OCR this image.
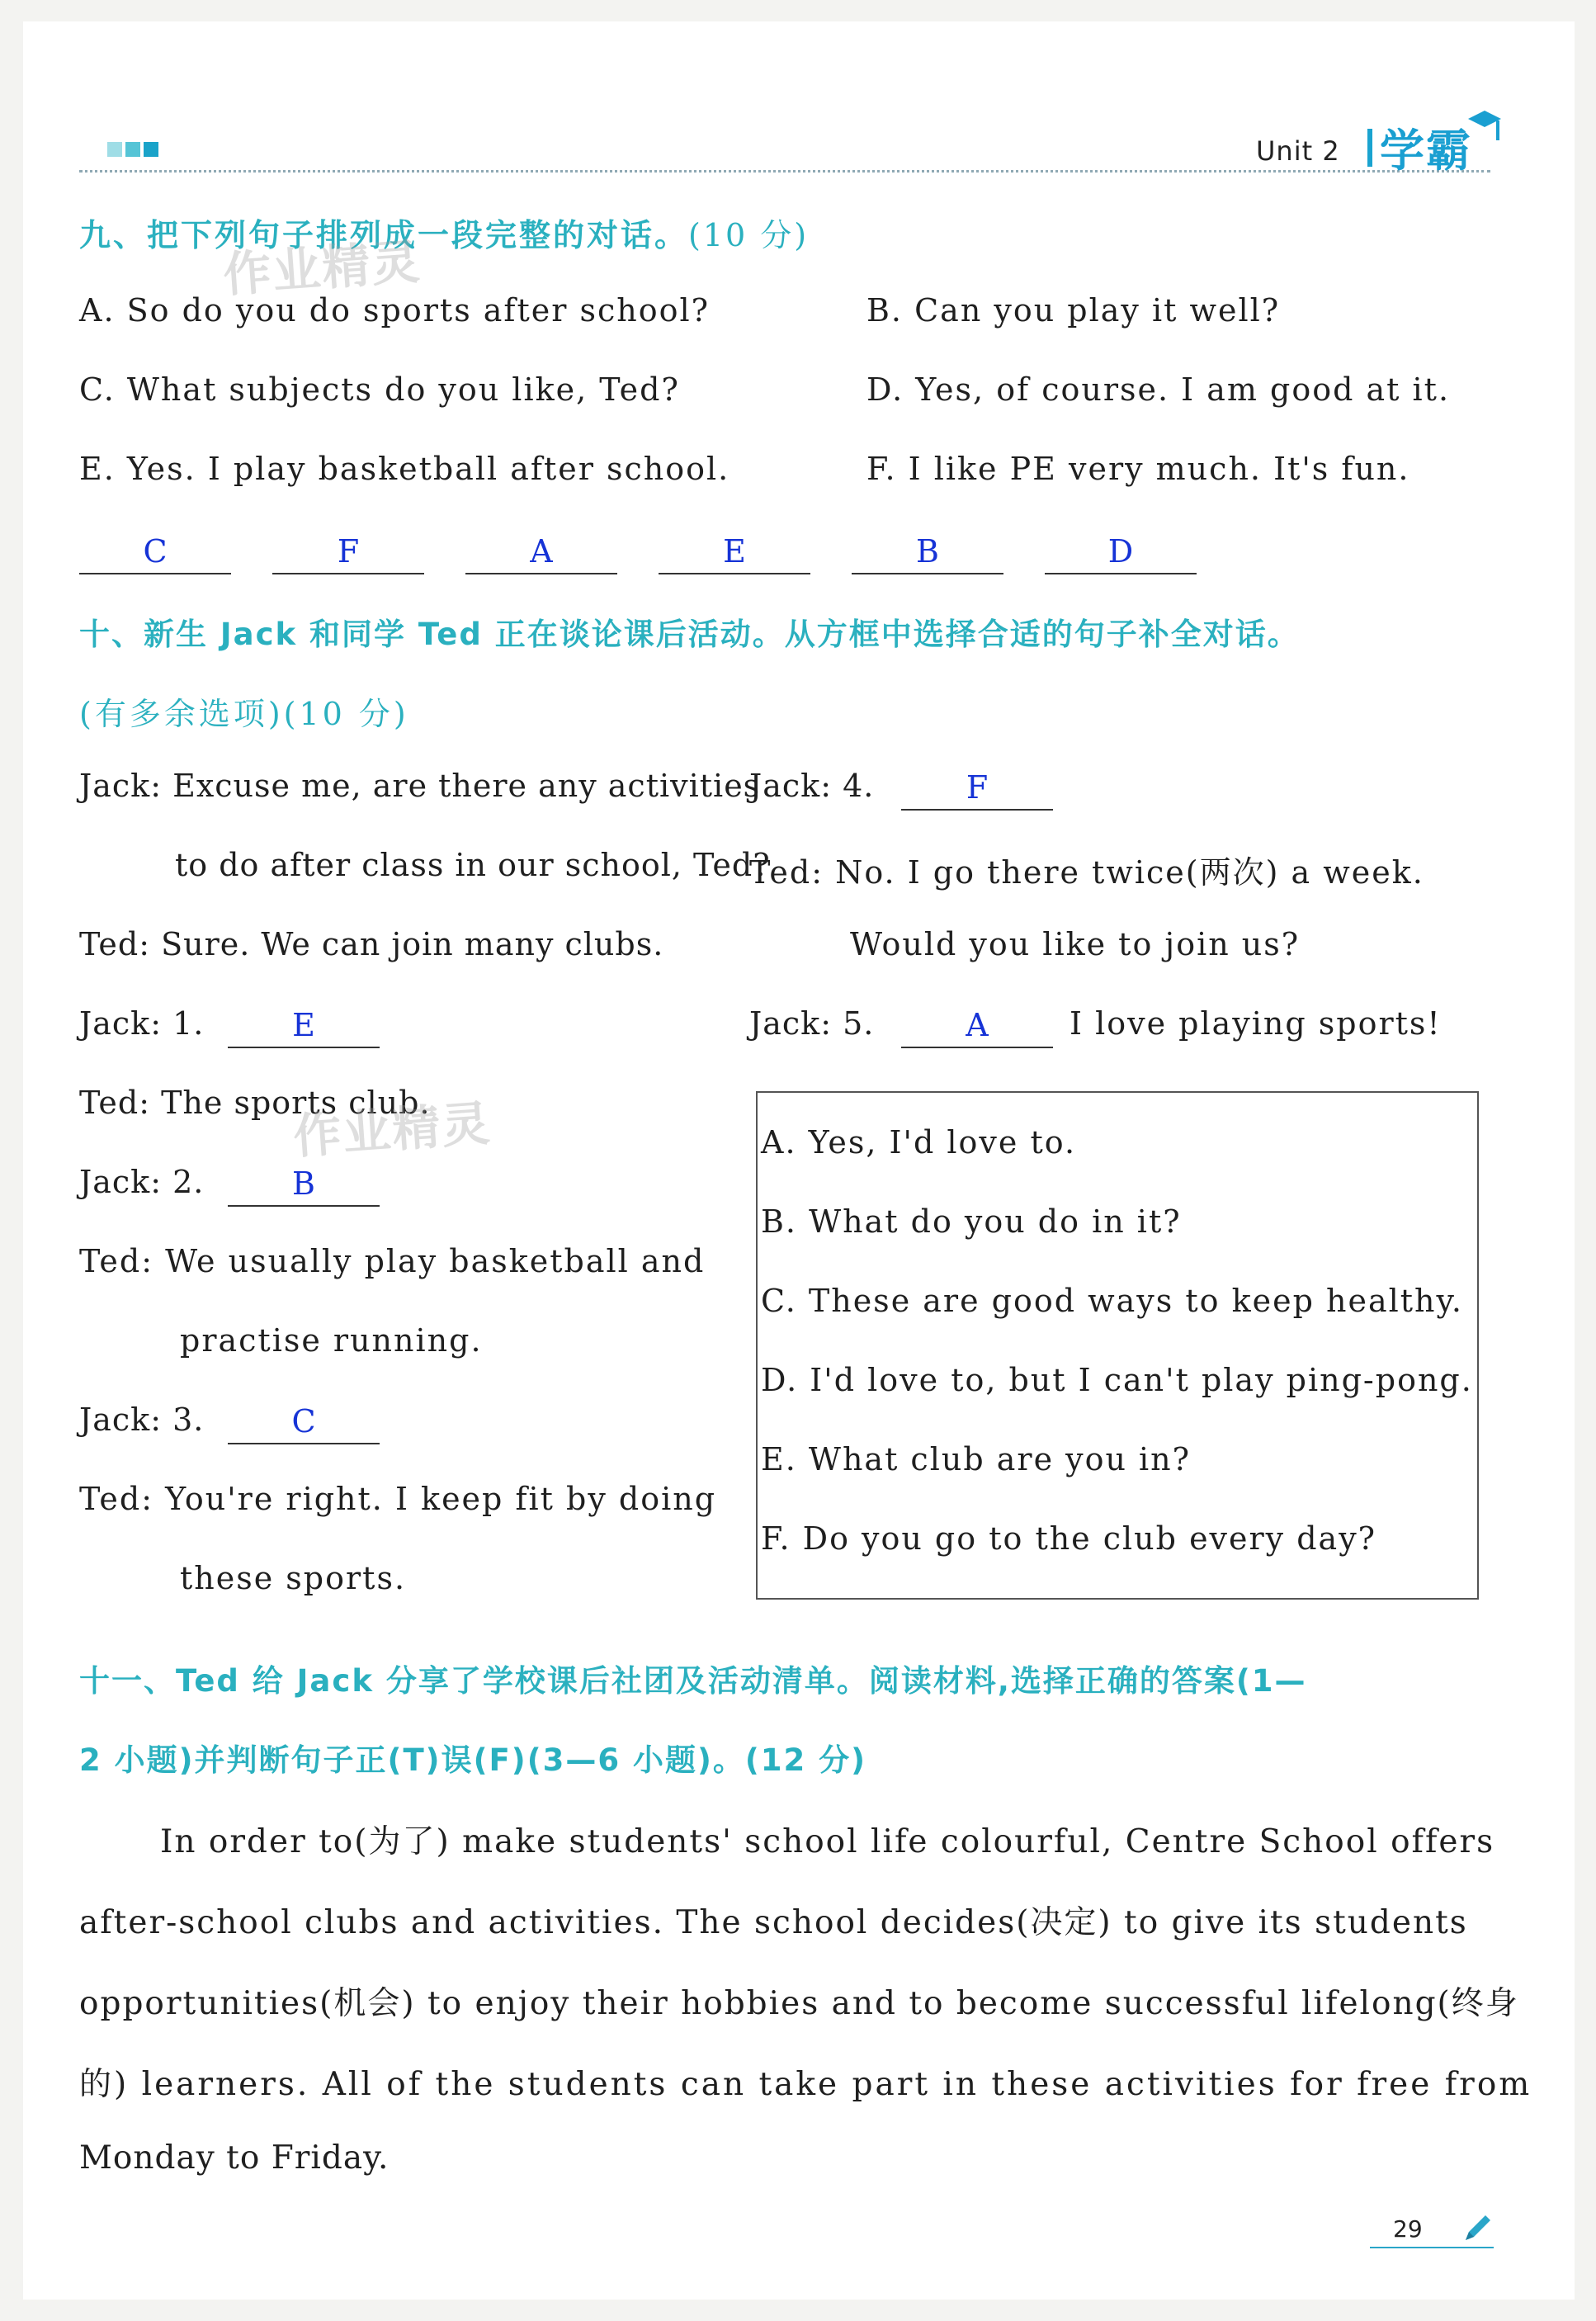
Unit 2 学霸
九、把下列句子排列成一段完整的对话。(10 分)
作业精灵
A. So do you do sports after school?	B. Can you play it well?
C. What subjects do you like, Ted?	D. Yes, of course. I am good at it.
E. Yes. I play basketball after school.	F. I like PE very much. It's fun.
C	F	A	E	B	D
十、新生 Jack 和同学 Ted 正在谈论课后活动。从方框中选择合适的句子补全对话。
(有多余选项)(10 分)
Jack: Excuse me, are there any activities
to do after class in our school, Ted?
Ted: Sure. We can join many clubs.
Jack: 1.	E
Ted: The sports club.
作业精灵
Jack: 2.	B
Ted: We usually play basketball and
practise running.
Jack: 3.	C
Ted: You're right. I keep fit by doing
these sports.
Jack: 4.	F
Ted: No. I go there twice(两次) a week.
Would you like to join us?
Jack: 5.	A	I love playing sports!
A. Yes, I'd love to.
B. What do you do in it?
C. These are good ways to keep healthy.
D. I'd love to, but I can't play ping-pong.
E. What club are you in?
F. Do you go to the club every day?
十一、Ted 给 Jack 分享了学校课后社团及活动清单。阅读材料,选择正确的答案(1—
2 小题)并判断句子正(T)误(F)(3—6 小题)。(12 分)
In order to(为了) make students' school life colourful, Centre School offers
after-school clubs and activities. The school decides(决定) to give its students
opportunities(机会) to enjoy their hobbies and to become successful lifelong(终身
的) learners. All of the students can take part in these activities for free from
Monday to Friday.
29
